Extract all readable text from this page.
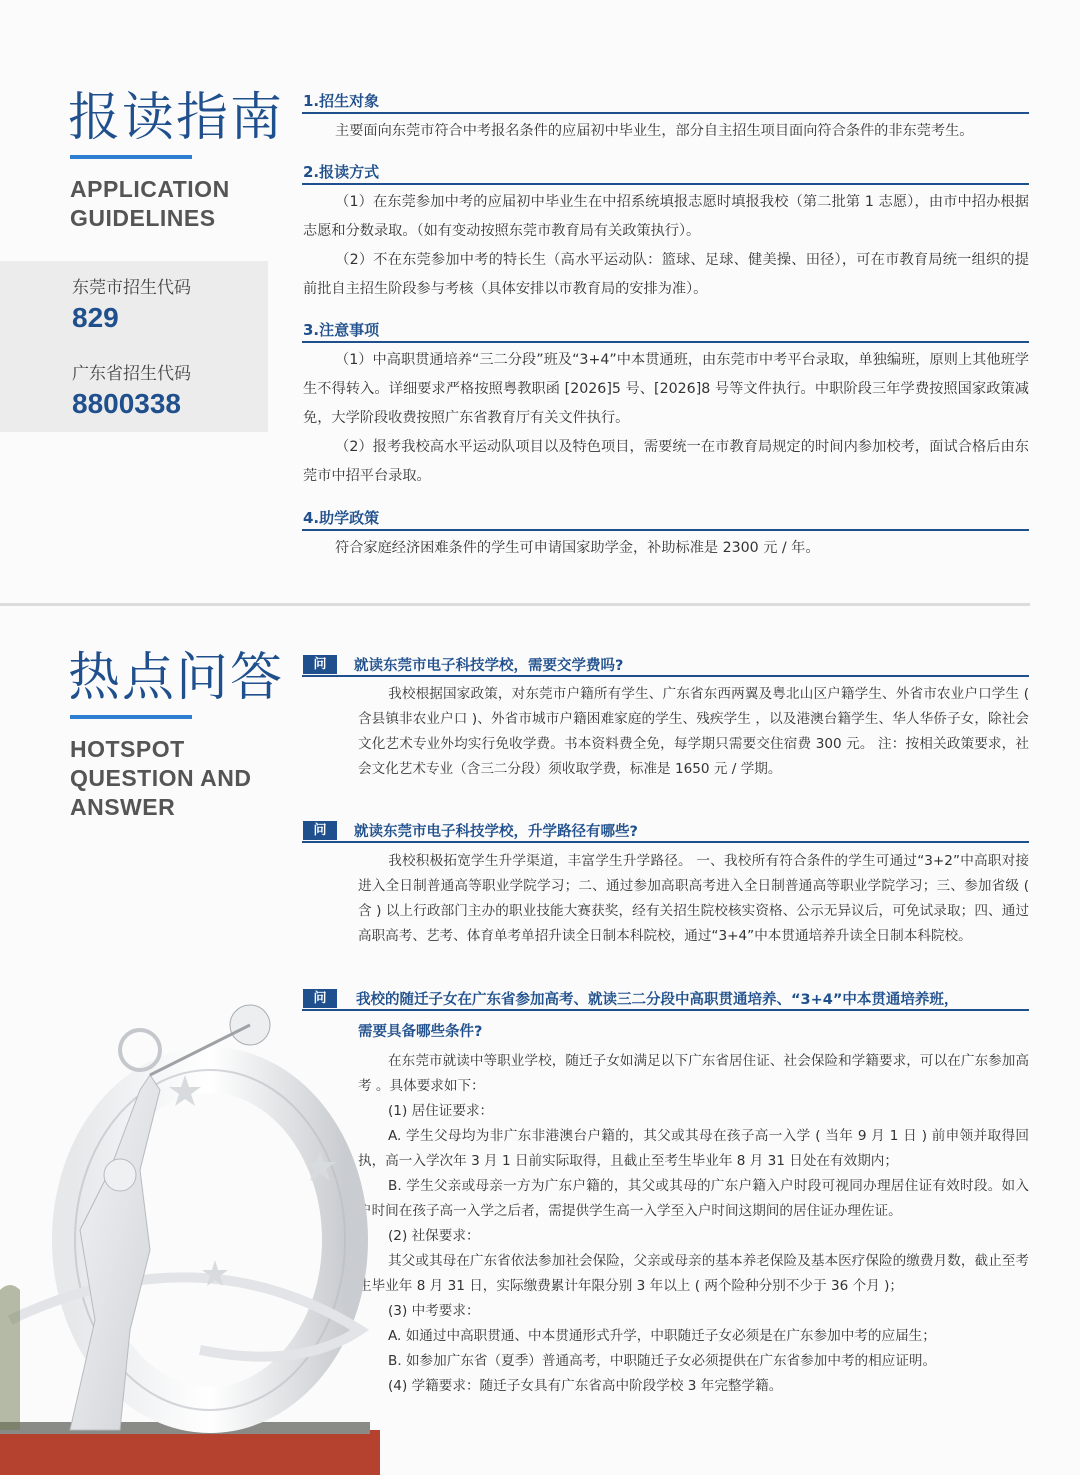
报读指南
APPLICATION
GUIDELINES
东莞市招生代码
829
广东省招生代码
8800338
1.招生对象
主要面向东莞市符合中考报名条件的应届初中毕业生，部分自主招生项目面向符合条件的非东莞考生。
2.报读方式
（1）在东莞参加中考的应届初中毕业生在中招系统填报志愿时填报我校（第二批第 1 志愿），由市中招办根据志愿和分数录取。（如有变动按照东莞市教育局有关政策执行）。
（2）不在东莞参加中考的特长生（高水平运动队：篮球、足球、健美操、田径），可在市教育局统一组织的提前批自主招生阶段参与考核（具体安排以市教育局的安排为准）。
3.注意事项
（1）中高职贯通培养“三二分段”班及“3+4”中本贯通班，由东莞市中考平台录取，单独编班，原则上其他班学生不得转入。详细要求严格按照粤教职函 [2026]5 号、[2026]8 号等文件执行。中职阶段三年学费按照国家政策减免，大学阶段收费按照广东省教育厅有关文件执行。
（2）报考我校高水平运动队项目以及特色项目，需要统一在市教育局规定的时间内参加校考，面试合格后由东莞市中招平台录取。
4.助学政策
符合家庭经济困难条件的学生可申请国家助学金，补助标准是 2300 元 / 年。
热点问答
HOTSPOT
QUESTION AND
ANSWER
问	就读东莞市电子科技学校，需要交学费吗?

我校根据国家政策，对东莞市户籍所有学生、广东省东西两翼及粤北山区户籍学生、外省市农业户口学生 ( 含县镇非农业户口 )、外省市城市户籍困难家庭的学生、残疾学生 ，以及港澳台籍学生、华人华侨子女，除社会文化艺术专业外均实行免收学费。书本资料费全免，每学期只需要交住宿费 300 元。 注：按相关政策要求，社会文化艺术专业（含三二分段）须收取学费，标准是 1650 元 / 学期。

问	就读东莞市电子科技学校，升学路径有哪些?

我校积极拓宽学生升学渠道，丰富学生升学路径。 一、我校所有符合条件的学生可通过“3+2”中高职对接进入全日制普通高等职业学院学习；二、通过参加高职高考进入全日制普通高等职业学院学习；三、参加省级 ( 含 ) 以上行政部门主办的职业技能大赛获奖，经有关招生院校核实资格、公示无异议后，可免试录取；四、通过高职高考、艺考、体育单考单招升读全日制本科院校，通过“3+4”中本贯通培养升读全日制本科院校。

问	我校的随迁子女在广东省参加高考、就读三二分段中高职贯通培养、“3+4”中本贯通培养班，
需要具备哪些条件?

在东莞市就读中等职业学校，随迁子女如满足以下广东省居住证、社会保险和学籍要求，可以在广东参加高考 。具体要求如下：

(1) 居住证要求：

A. 学生父母均为非广东非港澳台户籍的，其父或其母在孩子高一入学 ( 当年 9 月 1 日 ) 前申领并取得回执，高一入学次年 3 月 1 日前实际取得，且截止至考生毕业年 8 月 31 日处在有效期内；

B. 学生父亲或母亲一方为广东户籍的，其父或其母的广东户籍入户时段可视同办理居住证有效时段。如入户时间在孩子高一入学之后者，需提供学生高一入学至入户时间这期间的居住证办理佐证。

(2) 社保要求：

其父或其母在广东省依法参加社会保险，父亲或母亲的基本养老保险及基本医疗保险的缴费月数，截止至考生毕业年 8 月 31 日，实际缴费累计年限分别 3 年以上 ( 两个险种分别不少于 36 个月 )；

(3) 中考要求：

A. 如通过中高职贯通、中本贯通形式升学，中职随迁子女必须是在广东参加中考的应届生；

B. 如参加广东省（夏季）普通高考，中职随迁子女必须提供在广东省参加中考的相应证明。

(4) 学籍要求：随迁子女具有广东省高中阶段学校 3 年完整学籍。
